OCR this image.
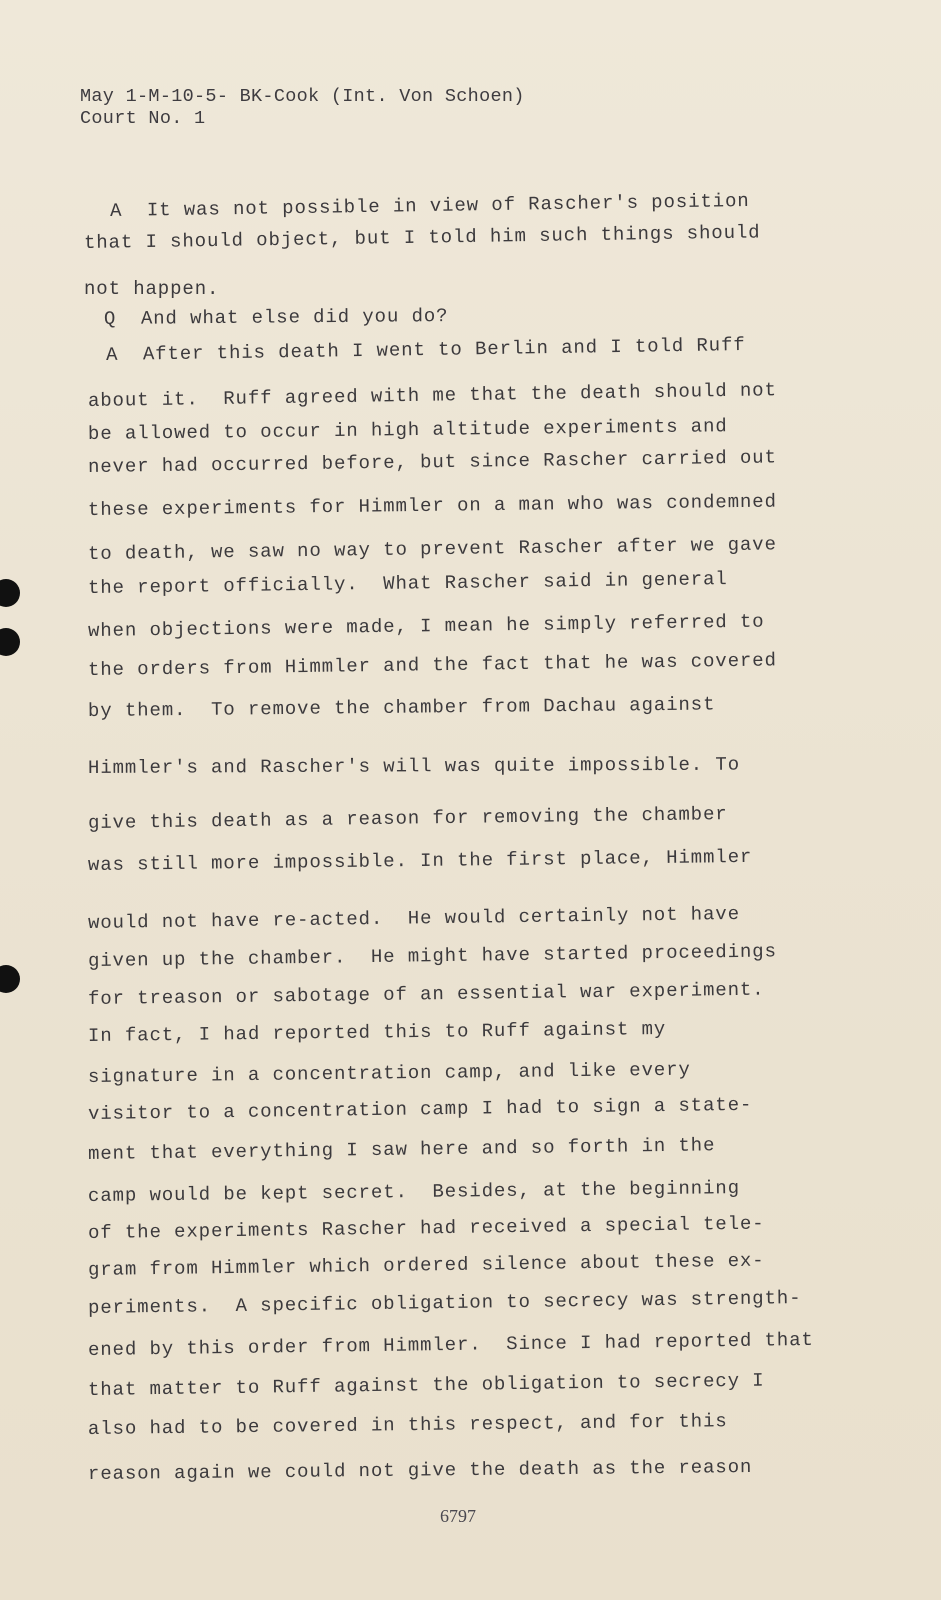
May 1-M-10-5- BK-Cook (Int. Von Schoen)
Court No. 1
A  It was not possible in view of Rascher's position
that I should object, but I told him such things should
not happen.
Q  And what else did you do?
A  After this death I went to Berlin and I told Ruff
about it.  Ruff agreed with me that the death should not
be allowed to occur in high altitude experiments and
never had occurred before, but since Rascher carried out
these experiments for Himmler on a man who was condemned
to death, we saw no way to prevent Rascher after we gave
the report officially.  What Rascher said in general
when objections were made, I mean he simply referred to
the orders from Himmler and the fact that he was covered
by them.  To remove the chamber from Dachau against
Himmler's and Rascher's will was quite impossible. To
give this death as a reason for removing the chamber
was still more impossible. In the first place, Himmler
would not have re-acted.  He would certainly not have
given up the chamber.  He might have started proceedings
for treason or sabotage of an essential war experiment.
In fact, I had reported this to Ruff against my
signature in a concentration camp, and like every
visitor to a concentration camp I had to sign a state-
ment that everything I saw here and so forth in the
camp would be kept secret.  Besides, at the beginning
of the experiments Rascher had received a special tele-
gram from Himmler which ordered silence about these ex-
periments.  A specific obligation to secrecy was strength-
ened by this order from Himmler.  Since I had reported that
that matter to Ruff against the obligation to secrecy I
also had to be covered in this respect, and for this
reason again we could not give the death as the reason
6797
